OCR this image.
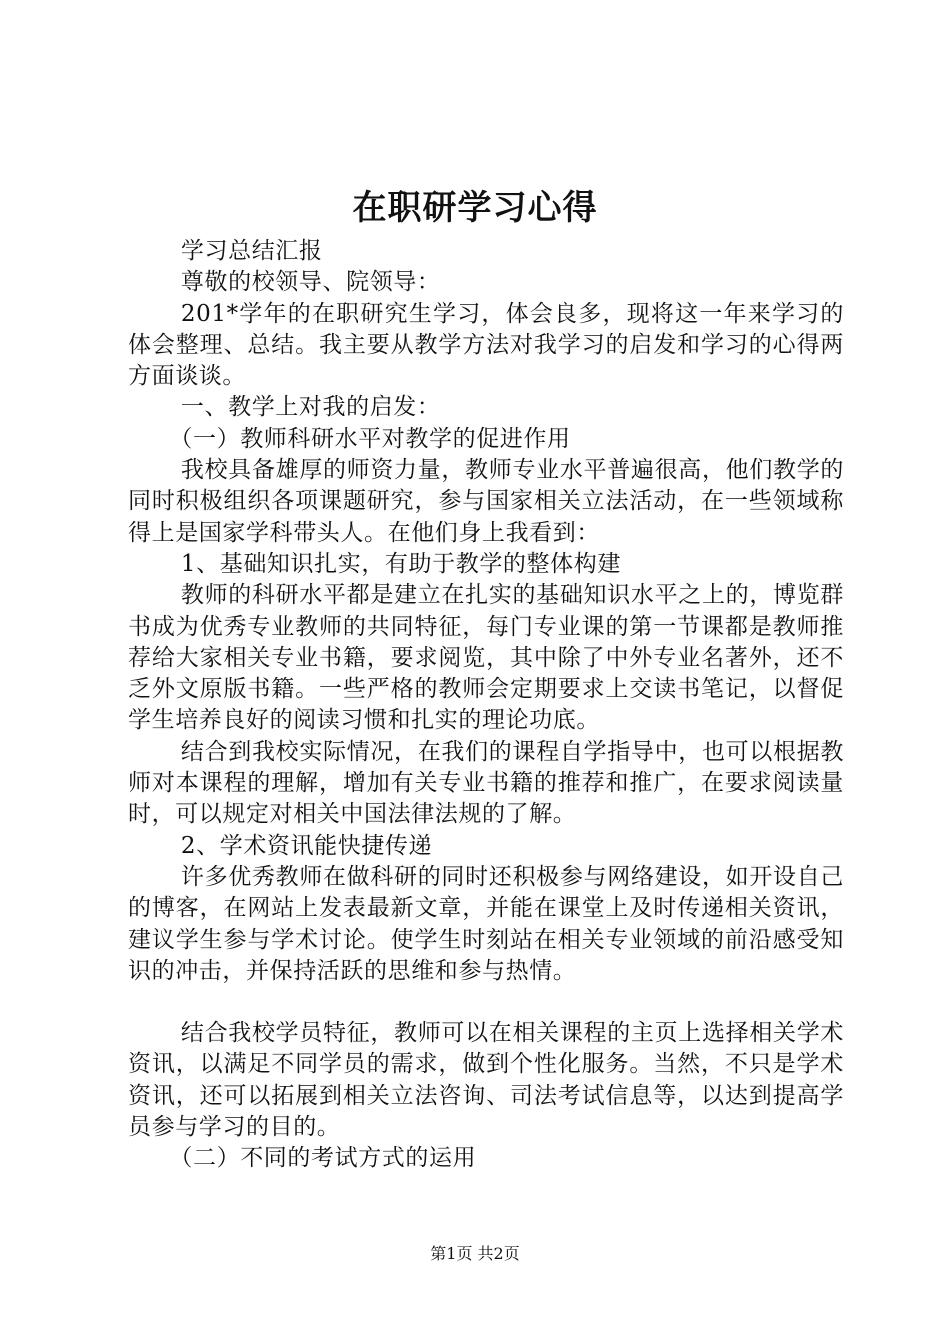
在职研学习心得

学习总结汇报

尊敬的校领导、院领导：

201*学年的在职研究生学习，体会良多，现将这一年来学习的体会整理、总结。我主要从教学方法对我学习的启发和学习的心得两方面谈谈。

一、教学上对我的启发：

（一）教师科研水平对教学的促进作用

我校具备雄厚的师资力量，教师专业水平普遍很高，他们教学的同时积极组织各项课题研究，参与国家相关立法活动，在一些领域称得上是国家学科带头人。在他们身上我看到：

1、基础知识扎实，有助于教学的整体构建

教师的科研水平都是建立在扎实的基础知识水平之上的，博览群书成为优秀专业教师的共同特征，每门专业课的第一节课都是教师推荐给大家相关专业书籍，要求阅览，其中除了中外专业名著外，还不乏外文原版书籍。一些严格的教师会定期要求上交读书笔记，以督促学生培养良好的阅读习惯和扎实的理论功底。

结合到我校实际情况，在我们的课程自学指导中，也可以根据教师对本课程的理解，增加有关专业书籍的推荐和推广，在要求阅读量时，可以规定对相关中国法律法规的了解。

2、学术资讯能快捷传递

许多优秀教师在做科研的同时还积极参与网络建设，如开设自己的博客，在网站上发表最新文章，并能在课堂上及时传递相关资讯，建议学生参与学术讨论。使学生时刻站在相关专业领域的前沿感受知识的冲击，并保持活跃的思维和参与热情。

结合我校学员特征，教师可以在相关课程的主页上选择相关学术资讯，以满足不同学员的需求，做到个性化服务。当然，不只是学术资讯，还可以拓展到相关立法咨询、司法考试信息等，以达到提高学员参与学习的目的。

（二）不同的考试方式的运用

第1页 共2页
